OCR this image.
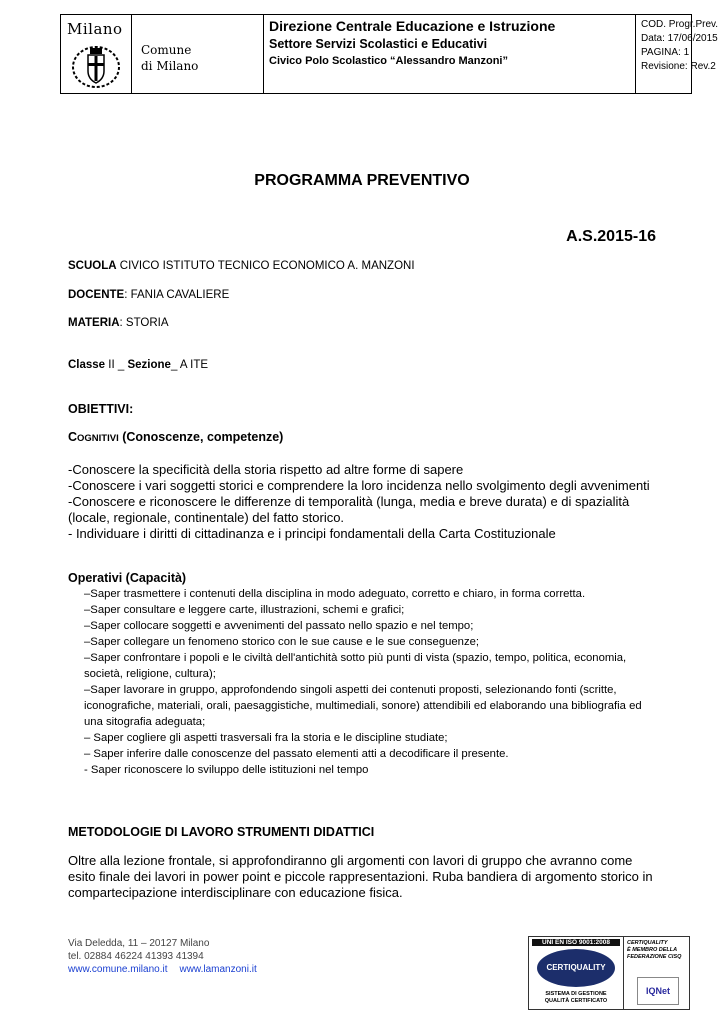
Milano
Comune
di Milano
Direzione Centrale Educazione e Istruzione
Settore Servizi Scolastici e Educativi
Civico Polo Scolastico “Alessandro Manzoni”
COD. Progr.Prev.
Data: 17/06/2015
PAGINA: 1
Revisione: Rev.2
PROGRAMMA PREVENTIVO
A.S.2015-16
SCUOLA CIVICO ISTITUTO TECNICO ECONOMICO A. MANZONI
DOCENTE: FANIA CAVALIERE
MATERIA: STORIA
Classe II _ Sezione_ A ITE
OBIETTIVI:
COGNITIVI (Conoscenze, competenze)

-Conoscere la specificità della storia rispetto ad altre forme di sapere

-Conoscere i vari soggetti storici e comprendere la loro incidenza nello svolgimento degli avvenimenti

-Conoscere e riconoscere le differenze di temporalità (lunga, media e breve durata) e di spazialità (locale, regionale, continentale) del fatto storico.

- Individuare i diritti di cittadinanza e i principi fondamentali della Carta Costituzionale

Operativi (Capacità)

–Saper trasmettere i contenuti della disciplina in modo adeguato, corretto e chiaro, in forma corretta.

–Saper consultare e leggere carte, illustrazioni, schemi e grafici;

–Saper collocare soggetti e avvenimenti del passato nello spazio e nel tempo;

–Saper collegare un fenomeno storico con le sue cause e le sue conseguenze;

–Saper confrontare i popoli e le civiltà dell'antichità sotto più punti di vista (spazio, tempo, politica, economia, società, religione, cultura);

–Saper lavorare in gruppo, approfondendo singoli aspetti dei contenuti proposti, selezionando fonti (scritte, iconografiche, materiali, orali, paesaggistiche, multimediali, sonore) attendibili ed elaborando una bibliografia ed una sitografia adeguata;

– Saper cogliere gli aspetti trasversali fra la storia e le discipline studiate;

– Saper inferire dalle conoscenze del passato elementi atti a decodificare il presente.

- Saper riconoscere lo sviluppo delle istituzioni nel tempo

METODOLOGIE DI LAVORO STRUMENTI DIDATTICI

Oltre alla lezione frontale, si approfondiranno gli argomenti con lavori di gruppo che avranno come esito finale dei lavori in power point e piccole rappresentazioni. Ruba bandiera di argomento storico in compartecipazione interdisciplinare con educazione fisica.

Via Deledda, 11 – 20127 Milano
tel. 02884 46224 41393 41394
www.comune.milano.it www.lamanzoni.it
UNI EN ISO 9001:2008
CERTIQUALITY
SISTEMA DI GESTIONE
QUALITÀ CERTIFICATO
CERTIQUALITY
È MEMBRO DELLA
FEDERAZIONE CISQ
IQNet
